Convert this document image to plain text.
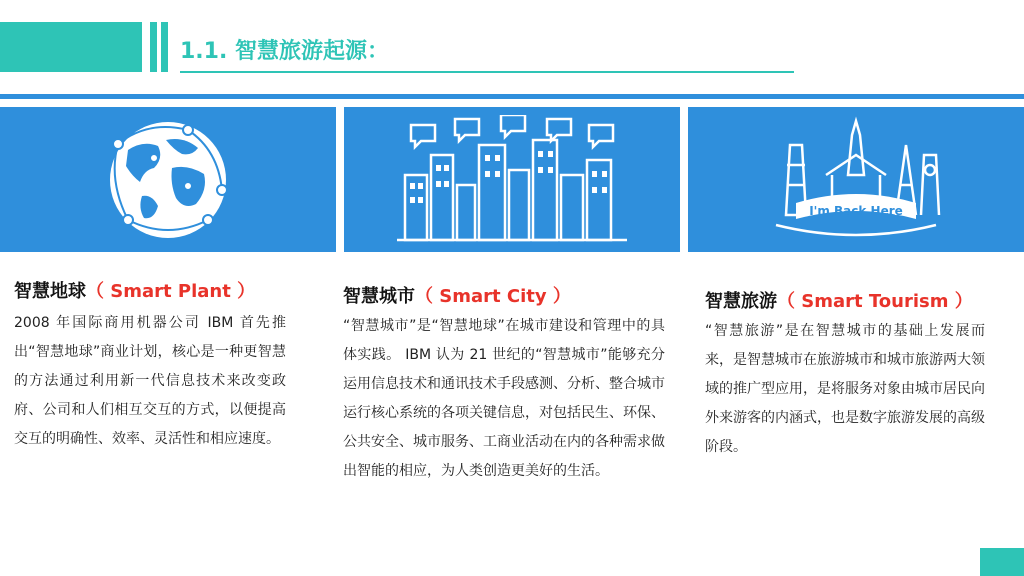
1.1. 智慧旅游起源：
I'm Back Here
智慧地球（ Smart Plant ）
2008 年国际商用机器公司 IBM 首先推出“智慧地球”商业计划，核心是一种更智慧的方法通过利用新一代信息技术来改变政府、公司和人们相互交互的方式，以便提高交互的明确性、效率、灵活性和相应速度。
智慧城市（ Smart City ）
“智慧城市”是“智慧地球”在城市建设和管理中的具体实践。 IBM 认为 21 世纪的“智慧城市”能够充分运用信息技术和通讯技术手段感测、分析、整合城市运行核心系统的各项关键信息，对包括民生、环保、公共安全、城市服务、工商业活动在内的各种需求做出智能的相应，为人类创造更美好的生活。
智慧旅游（ Smart Tourism ）
“智慧旅游”是在智慧城市的基础上发展而来，是智慧城市在旅游城市和城市旅游两大领域的推广型应用，是将服务对象由城市居民向外来游客的内涵式，也是数字旅游发展的高级阶段。
